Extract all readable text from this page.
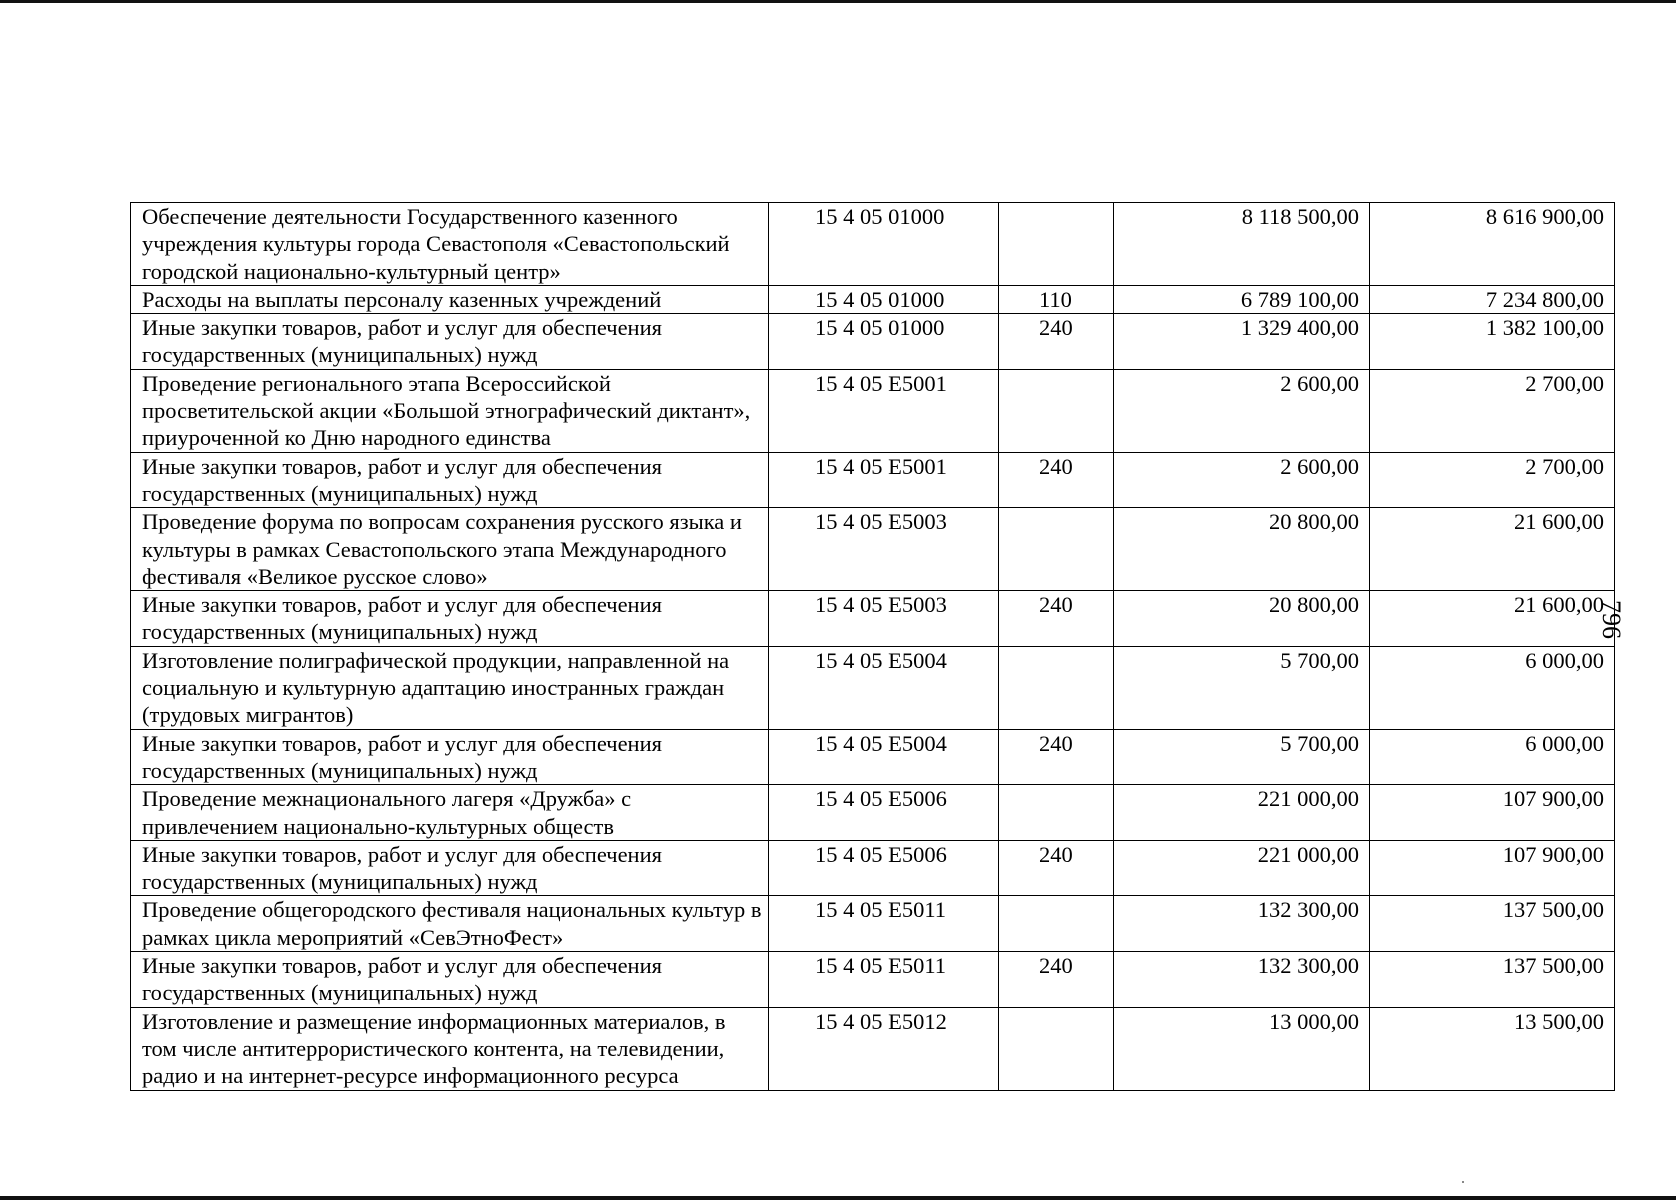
Обеспечение деятельности Государственного казенного учреждения культуры города Севастополя «Севастопольский городской национально-культурный центр»	15 4 05 01000		8 118 500,00	8 616 900,00
Расходы на выплаты персоналу казенных учреждений	15 4 05 01000	110	6 789 100,00	7 234 800,00
Иные закупки товаров, работ и услуг для обеспечения государственных (муниципальных) нужд	15 4 05 01000	240	1 329 400,00	1 382 100,00
Проведение регионального этапа Всероссийской просветительской акции «Большой этнографический диктант», приуроченной ко Дню народного единства	15 4 05 E5001		2 600,00	2 700,00
Иные закупки товаров, работ и услуг для обеспечения государственных (муниципальных) нужд	15 4 05 E5001	240	2 600,00	2 700,00
Проведение форума по вопросам сохранения русского языка и культуры в рамках Севастопольского этапа Международного фестиваля «Великое русское слово»	15 4 05 E5003		20 800,00	21 600,00
Иные закупки товаров, работ и услуг для обеспечения государственных (муниципальных) нужд	15 4 05 E5003	240	20 800,00	21 600,00
Изготовление полиграфической продукции, направленной на социальную и культурную адаптацию иностранных граждан (трудовых мигрантов)	15 4 05 E5004		5 700,00	6 000,00
Иные закупки товаров, работ и услуг для обеспечения государственных (муниципальных) нужд	15 4 05 E5004	240	5 700,00	6 000,00
Проведение межнационального лагеря «Дружба» с привлечением национально-культурных обществ	15 4 05 E5006		221 000,00	107 900,00
Иные закупки товаров, работ и услуг для обеспечения государственных (муниципальных) нужд	15 4 05 E5006	240	221 000,00	107 900,00
Проведение общегородского фестиваля национальных культур в рамках цикла мероприятий «СевЭтноФест»	15 4 05 E5011		132 300,00	137 500,00
Иные закупки товаров, работ и услуг для обеспечения государственных (муниципальных) нужд	15 4 05 E5011	240	132 300,00	137 500,00
Изготовление и размещение информационных материалов, в том числе антитеррористического контента, на телевидении, радио и на интернет-ресурсе информационного ресурса	15 4 05 E5012		13 000,00	13 500,00
796
